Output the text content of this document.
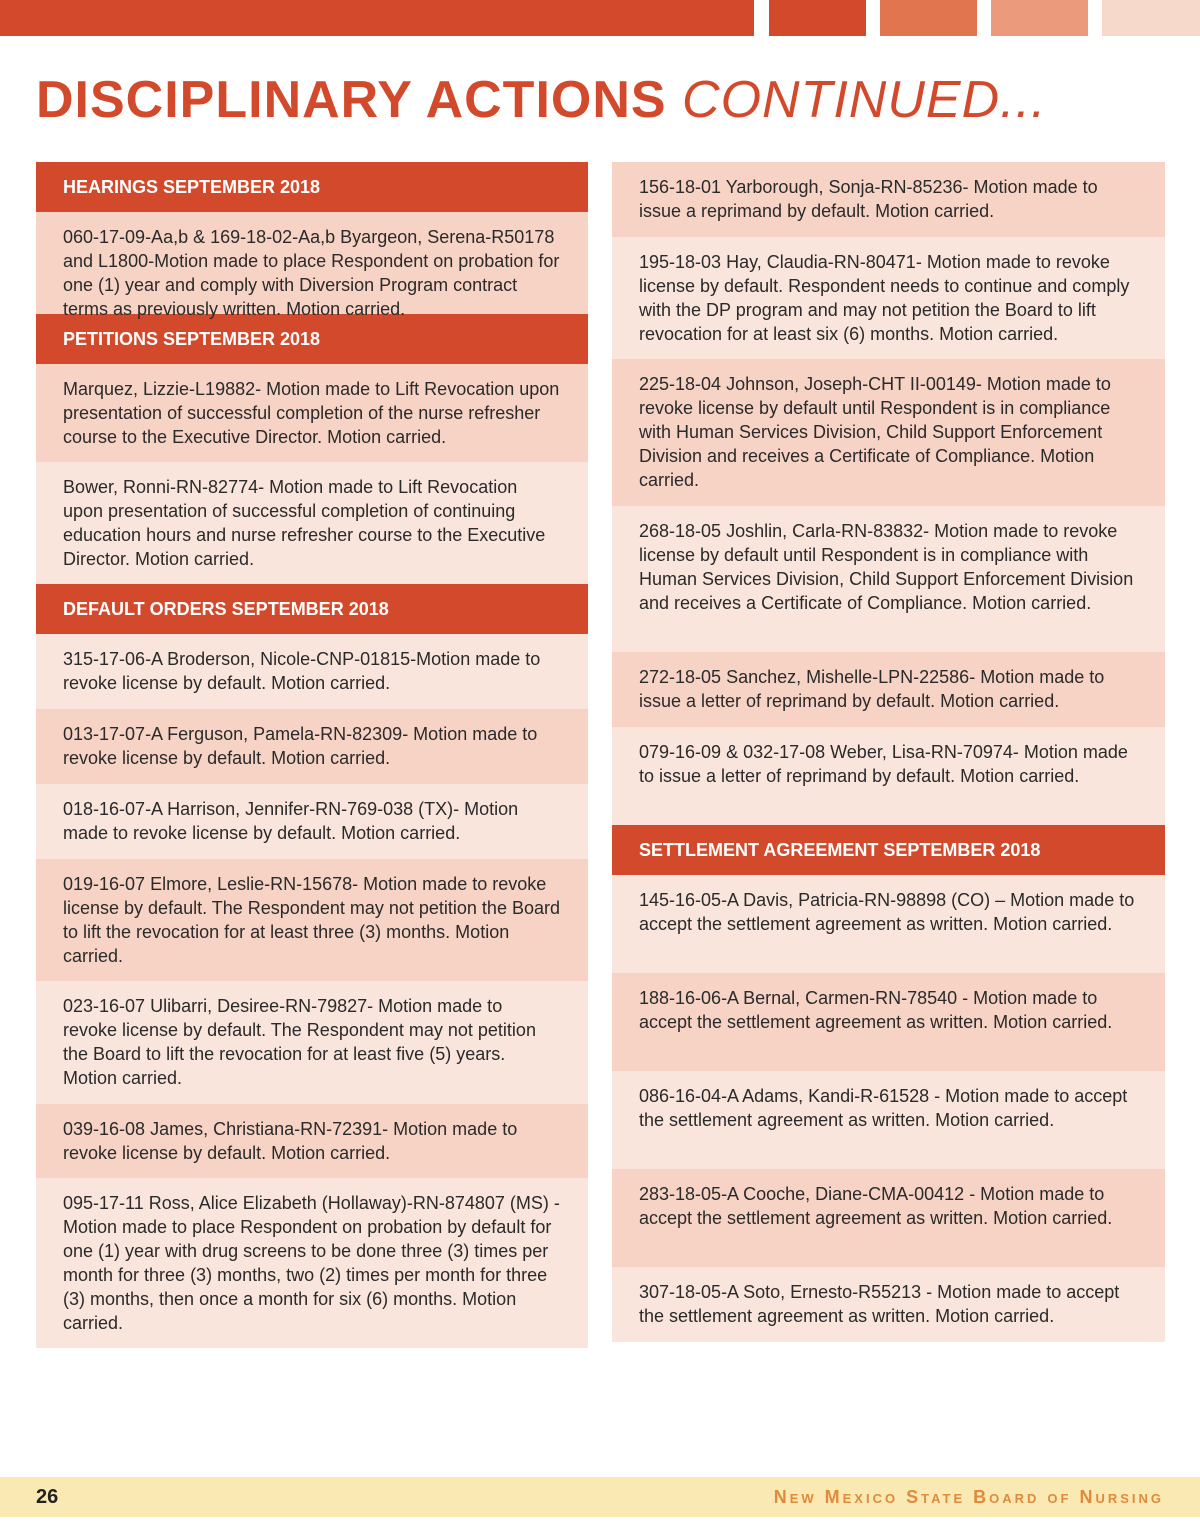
DISCIPLINARY ACTIONS CONTINUED...
HEARINGS SEPTEMBER 2018
060-17-09-Aa,b & 169-18-02-Aa,b Byargeon, Serena-R50178 and L1800-Motion made to place Respondent on probation for one (1) year and comply with Diversion Program contract terms as previously written. Motion carried.
PETITIONS SEPTEMBER 2018
Marquez, Lizzie-L19882- Motion made to Lift Revocation upon presentation of successful completion of the nurse refresher course to the Executive Director. Motion carried.
Bower, Ronni-RN-82774- Motion made to Lift Revocation upon presentation of successful completion of continuing education hours and nurse refresher course to the Executive Director. Motion carried.
DEFAULT ORDERS SEPTEMBER 2018
315-17-06-A Broderson, Nicole-CNP-01815-Motion made to revoke license by default. Motion carried.
013-17-07-A Ferguson, Pamela-RN-82309- Motion made to revoke license by default. Motion carried.
018-16-07-A Harrison, Jennifer-RN-769-038 (TX)- Motion made to revoke license by default. Motion carried.
019-16-07 Elmore, Leslie-RN-15678- Motion made to revoke license by default. The Respondent may not petition the Board to lift the revocation for at least three (3) months. Motion carried.
023-16-07 Ulibarri, Desiree-RN-79827- Motion made to revoke license by default. The Respondent may not petition the Board to lift the revocation for at least five (5) years. Motion carried.
039-16-08 James, Christiana-RN-72391- Motion made to revoke license by default. Motion carried.
095-17-11 Ross, Alice Elizabeth (Hollaway)-RN-874807 (MS) - Motion made to place Respondent on probation by default for one (1) year with drug screens to be done three (3) times per month for three (3) months, two (2) times per month for three (3) months, then once a month for six (6) months. Motion carried.
156-18-01 Yarborough, Sonja-RN-85236- Motion made to issue a reprimand by default. Motion carried.
195-18-03 Hay, Claudia-RN-80471- Motion made to revoke license by default. Respondent needs to continue and comply with the DP program and may not petition the Board to lift revocation for at least six (6) months. Motion carried.
225-18-04 Johnson, Joseph-CHT II-00149- Motion made to revoke license by default until Respondent is in compliance with Human Services Division, Child Support Enforcement Division and receives a Certificate of Compliance. Motion carried.
268-18-05 Joshlin, Carla-RN-83832- Motion made to revoke license by default until Respondent is in compliance with Human Services Division, Child Support Enforcement Division and receives a Certificate of Compliance. Motion carried.
272-18-05 Sanchez, Mishelle-LPN-22586- Motion made to issue a letter of reprimand by default. Motion carried.
079-16-09 & 032-17-08 Weber, Lisa-RN-70974- Motion made to issue a letter of reprimand by default. Motion carried.
SETTLEMENT AGREEMENT SEPTEMBER 2018
145-16-05-A Davis, Patricia-RN-98898 (CO) – Motion made to accept the settlement agreement as written. Motion carried.
188-16-06-A Bernal, Carmen-RN-78540 - Motion made to accept the settlement agreement as written. Motion carried.
086-16-04-A Adams, Kandi-R-61528 - Motion made to accept the settlement agreement as written. Motion carried.
283-18-05-A Cooche, Diane-CMA-00412 - Motion made to accept the settlement agreement as written. Motion carried.
307-18-05-A Soto, Ernesto-R55213 - Motion made to accept the settlement agreement as written. Motion carried.
26	New Mexico State Board of Nursing
